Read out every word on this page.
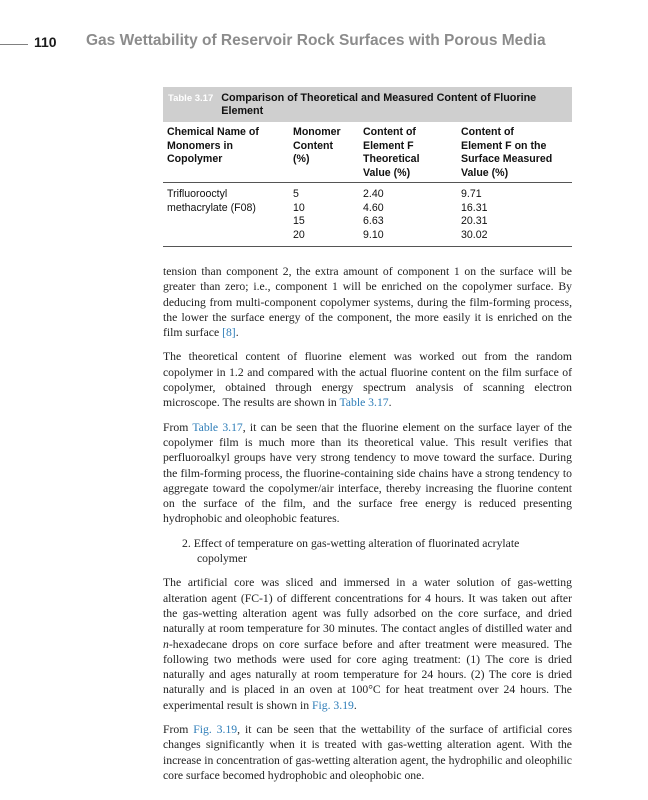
110 Gas Wettability of Reservoir Rock Surfaces with Porous Media
Table 3.17 Comparison of Theoretical and Measured Content of Fluorine Element
Chemical Name of
Monomers in
Copolymer	Monomer
Content
(%)	Content of
Element F
Theoretical
Value (%)	Content of
Element F on the
Surface Measured
Value (%)
Trifluorooctyl
methacrylate (F08)	5	2.40	9.71
	10	4.60	16.31
	15	6.63	20.31
	20	9.10	30.02

tension than component 2, the extra amount of component 1 on the surface will be greater than zero; i.e., component 1 will be enriched on the copolymer surface. By deducing from multi-component copolymer systems, during the film-forming process, the lower the surface energy of the component, the more easily it is enriched on the film surface [8].

The theoretical content of fluorine element was worked out from the random copolymer in 1.2 and compared with the actual fluorine content on the film surface of copolymer, obtained through energy spectrum analysis of scanning electron microscope. The results are shown in Table 3.17.

From Table 3.17, it can be seen that the fluorine element on the surface layer of the copolymer film is much more than its theoretical value. This result verifies that perfluoroalkyl groups have very strong tendency to move toward the surface. During the film-forming process, the fluorine-containing side chains have a strong tendency to aggregate toward the copolymer/air interface, thereby increasing the fluorine content on the surface of the film, and the surface free energy is reduced presenting hydrophobic and oleophobic features.

2. Effect of temperature on gas-wetting alteration of fluorinated acrylate copolymer

The artificial core was sliced and immersed in a water solution of gas-wetting alteration agent (FC-1) of different concentrations for 4 hours. It was taken out after the gas-wetting alteration agent was fully adsorbed on the core surface, and dried naturally at room temperature for 30 minutes. The contact angles of distilled water and n-hexadecane drops on core surface before and after treatment were measured. The following two methods were used for core aging treatment: (1) The core is dried naturally and ages naturally at room temperature for 24 hours. (2) The core is dried naturally and is placed in an oven at 100°C for heat treatment over 24 hours. The experimental result is shown in Fig. 3.19.

From Fig. 3.19, it can be seen that the wettability of the surface of artificial cores changes significantly when it is treated with gas-wetting alteration agent. With the increase in concentration of gas-wetting alteration agent, the hydrophilic and oleophilic core surface becomed hydrophobic and oleophobic one.
